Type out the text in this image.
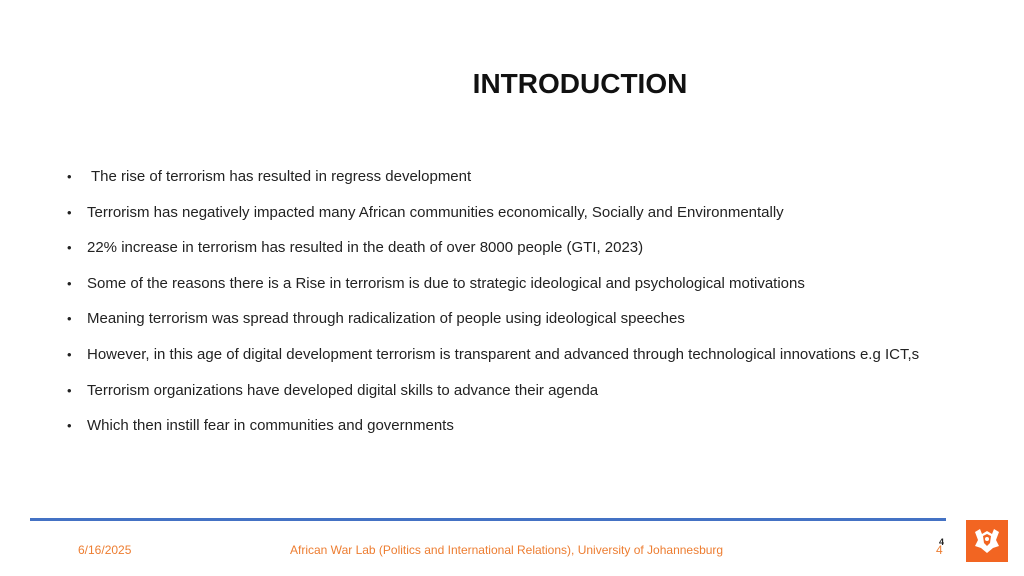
INTRODUCTION
•	The rise of terrorism has resulted in regress development
•	Terrorism has negatively impacted many African communities economically, Socially and Environmentally
•	22% increase in terrorism has resulted in the death of over 8000 people (GTI, 2023)
•	Some of the reasons there is a Rise in terrorism is due to strategic ideological and psychological motivations
•	Meaning terrorism was spread through radicalization of people using ideological speeches
•	However, in this age of digital development terrorism is transparent and advanced through technological innovations e.g ICT,s
•	Terrorism organizations have developed digital skills to advance their agenda
•	Which then instill fear in communities and governments
6/16/2025	African War Lab (Politics and International Relations), University of Johannesburg
4
4
